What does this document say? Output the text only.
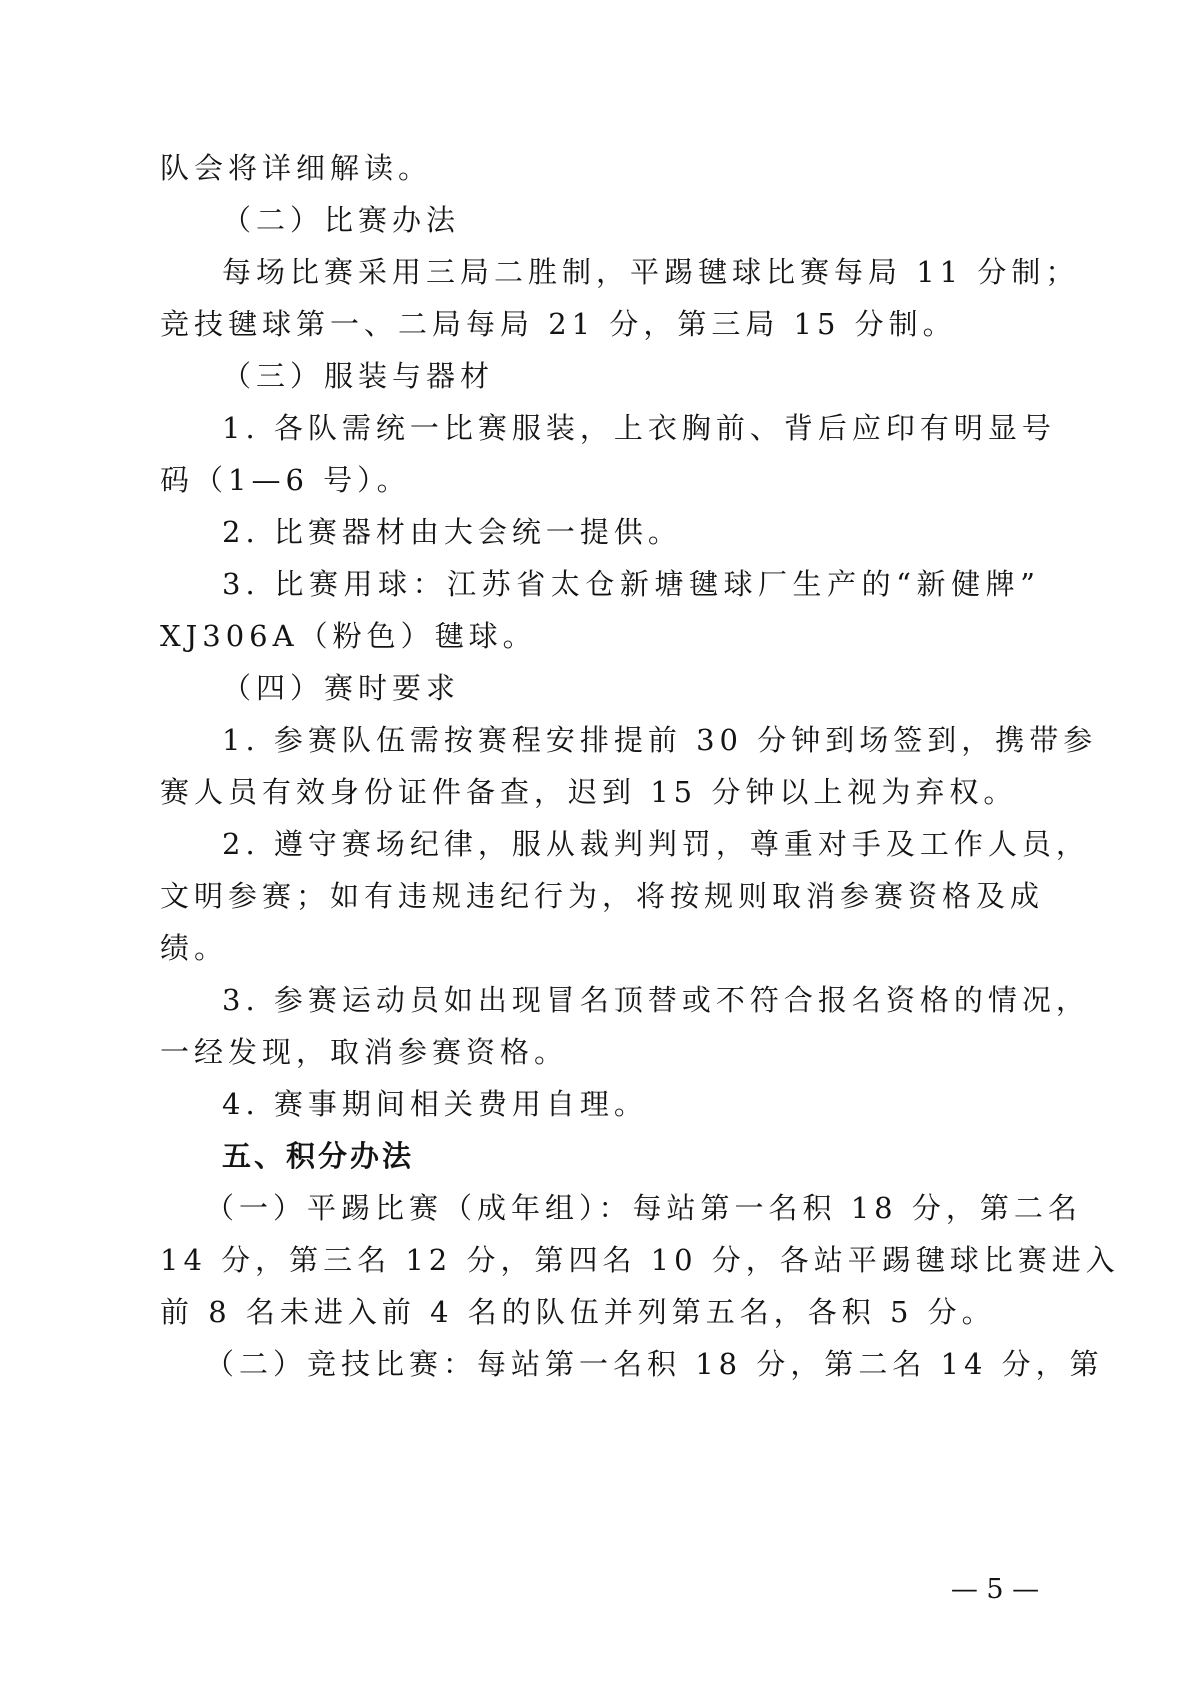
队会将详细解读。
（二）比赛办法
每场比赛采用三局二胜制，平踢毽球比赛每局 11 分制；
竞技毽球第一、二局每局 21 分，第三局 15 分制。
（三）服装与器材
1. 各队需统一比赛服装，上衣胸前、背后应印有明显号
码（1—6 号）。
2. 比赛器材由大会统一提供。
3. 比赛用球：江苏省太仓新塘毽球厂生产的“新健牌”
XJ306A（粉色）毽球。
（四）赛时要求
1. 参赛队伍需按赛程安排提前 30 分钟到场签到，携带参
赛人员有效身份证件备查，迟到 15 分钟以上视为弃权。
2. 遵守赛场纪律，服从裁判判罚，尊重对手及工作人员，
文明参赛；如有违规违纪行为，将按规则取消参赛资格及成
绩。
3. 参赛运动员如出现冒名顶替或不符合报名资格的情况，
一经发现，取消参赛资格。
4. 赛事期间相关费用自理。
五、积分办法
（一）平踢比赛（成年组）：每站第一名积 18 分，第二名
14 分，第三名 12 分，第四名 10 分，各站平踢毽球比赛进入
前 8 名未进入前 4 名的队伍并列第五名，各积 5 分。
（二）竞技比赛：每站第一名积 18 分，第二名 14 分，第
— 5 —
